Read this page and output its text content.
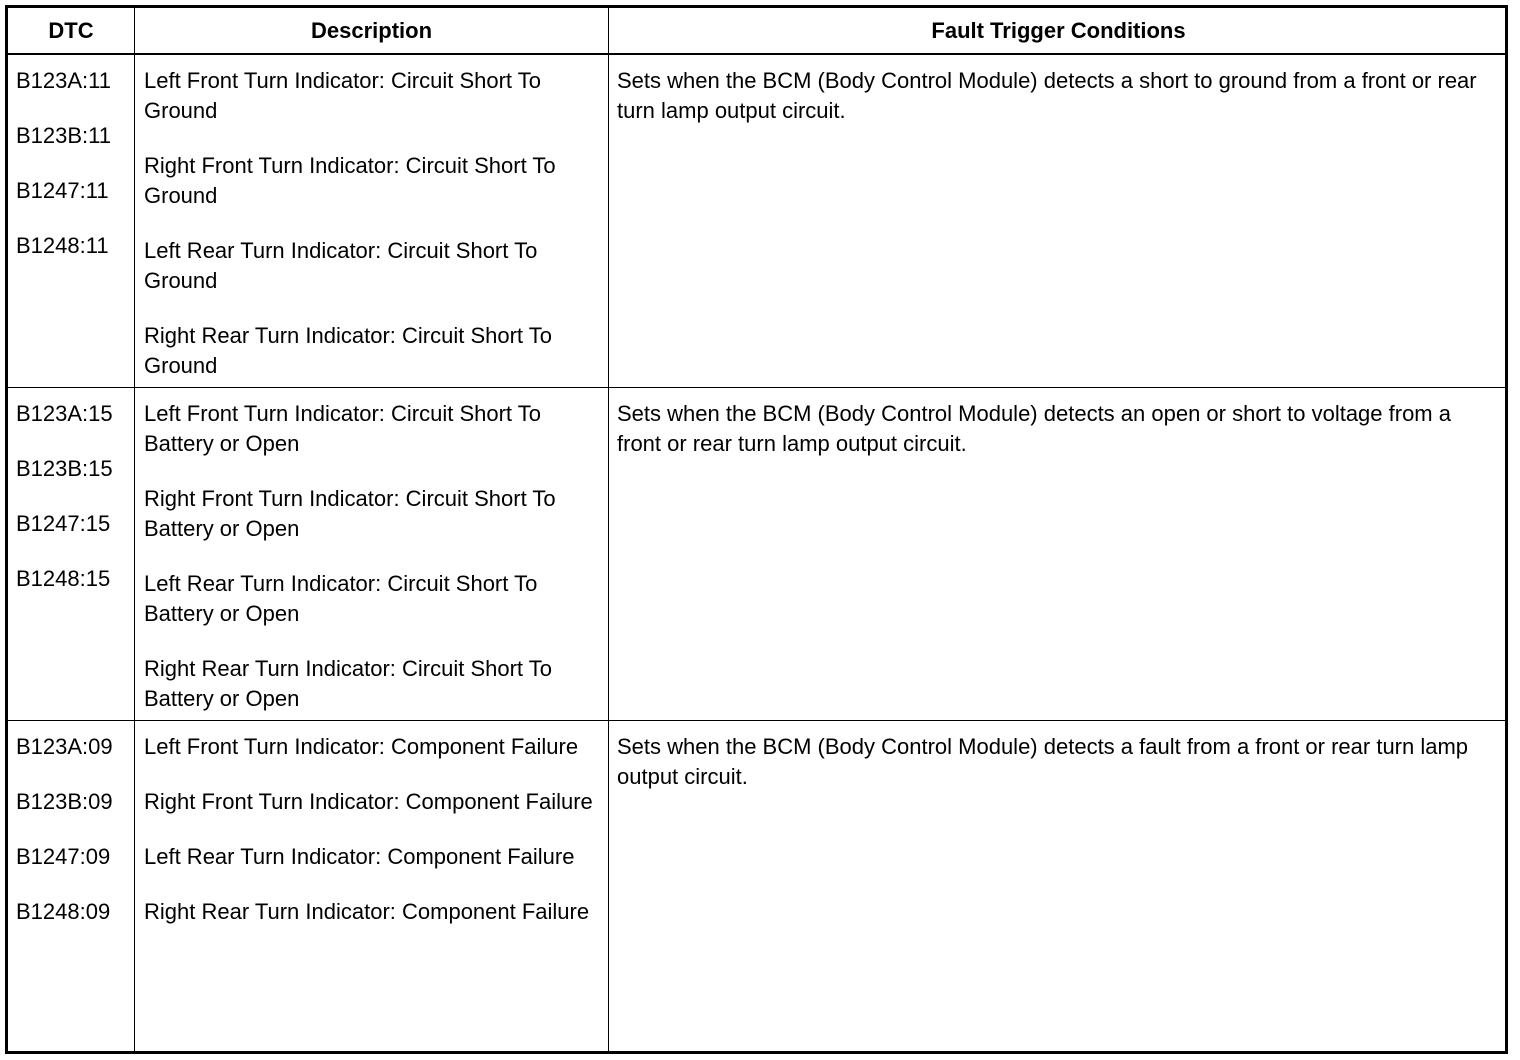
DTC	Description	Fault Trigger Conditions
B123A:11
B123B:11
B1247:11
B1248:11
Left Front Turn Indicator: Circuit Short To Ground
Right Front Turn Indicator: Circuit Short To Ground
Left Rear Turn Indicator: Circuit Short To Ground
Right Rear Turn Indicator: Circuit Short To Ground
Sets when the BCM (Body Control Module) detects a short to ground from a front or rear turn lamp output circuit.
B123A:15
B123B:15
B1247:15
B1248:15
Left Front Turn Indicator: Circuit Short To Battery or Open
Right Front Turn Indicator: Circuit Short To Battery or Open
Left Rear Turn Indicator: Circuit Short To Battery or Open
Right Rear Turn Indicator: Circuit Short To Battery or Open
Sets when the BCM (Body Control Module) detects an open or short to voltage from a front or rear turn lamp output circuit.
B123A:09
B123B:09
B1247:09
B1248:09
Left Front Turn Indicator: Component Failure
Right Front Turn Indicator: Component Failure
Left Rear Turn Indicator: Component Failure
Right Rear Turn Indicator: Component Failure
Sets when the BCM (Body Control Module) detects a fault from a front or rear turn lamp output circuit.
